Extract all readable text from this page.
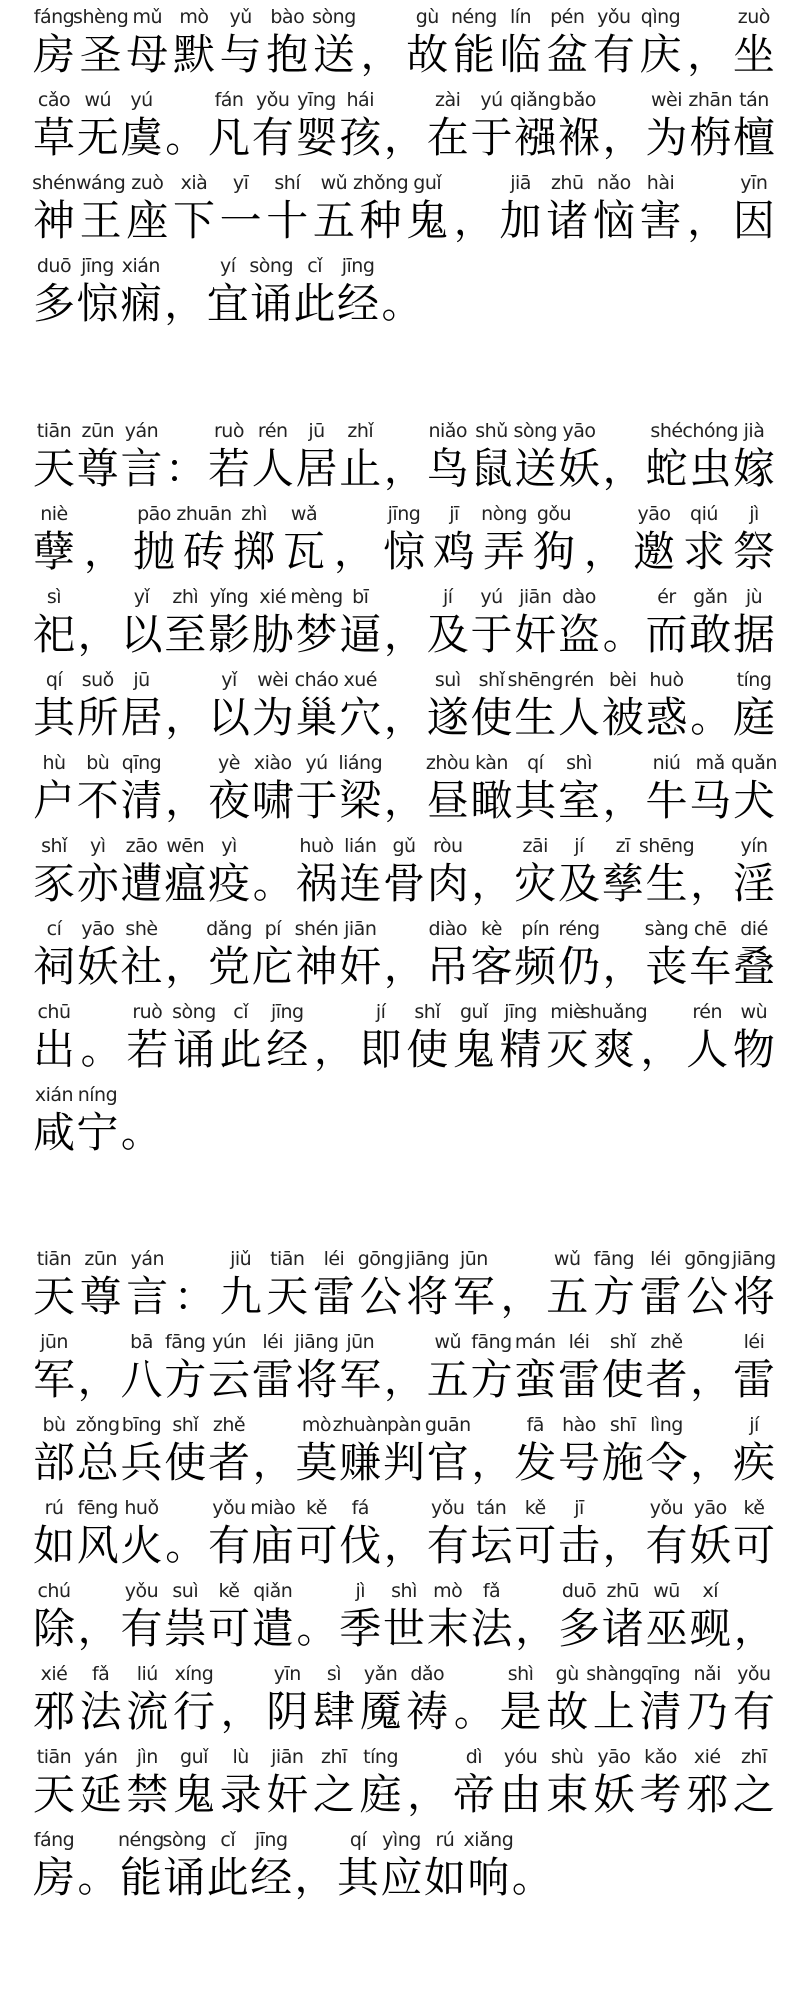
fáng
房
shèng
圣
mǔ
母
mò
默
yǔ
与
bào
抱
sòng
送 ，
gù
故
néng
能
lín
临
pén
盆
yǒu
有
qìng
庆 ，
zuò
坐
cǎo
草
wú
无
yú
虞 。
fán
凡
yǒu
有
yīng
婴
hái
孩 ，
zài
在
yú
于
qiǎng
襁
bǎo
褓 ，
wèi
为
zhān
栴
tán
檀
shén
神
wáng
王
zuò
座
xià
下
yī
一
shí
十
wǔ
五
zhǒng
种
guǐ
鬼 ，
jiā
加
zhū
诸
nǎo
恼
hài
害 ，
yīn
因
duō
多
jīng
惊
xián
痫 ，
yí
宜
sòng
诵
cǐ
此
jīng
经 。
tiān
天
zūn
尊
yán
言 ：
ruò
若
rén
人
jū
居
zhǐ
止 ，
niǎo
鸟
shǔ
鼠
sòng
送
yāo
妖 ，
shé
蛇
chóng
虫
jià
嫁
niè
孽 ，
pāo
抛
zhuān
砖
zhì
掷
wǎ
瓦 ，
jīng
惊
jī
鸡
nòng
弄
gǒu
狗 ，
yāo
邀
qiú
求
jì
祭
sì
祀 ，
yǐ
以
zhì
至
yǐng
影
xié
胁
mèng
梦
bī
逼 ，
jí
及
yú
于
jiān
奸
dào
盗 。
ér
而
gǎn
敢
jù
据
qí
其
suǒ
所
jū
居 ，
yǐ
以
wèi
为
cháo
巢
xué
穴 ，
suì
遂
shǐ
使
shēng
生
rén
人
bèi
被
huò
惑 。
tíng
庭
hù
户
bù
不
qīng
清 ，
yè
夜
xiào
啸
yú
于
liáng
梁 ，
zhòu
昼
kàn
瞰
qí
其
shì
室 ，
niú
牛
mǎ
马
quǎn
犬
shǐ
豕
yì
亦
zāo
遭
wēn
瘟
yì
疫 。
huò
祸
lián
连
gǔ
骨
ròu
肉 ，
zāi
灾
jí
及
zī
孳
shēng
生 ，
yín
淫
cí
祠
yāo
妖
shè
社 ，
dǎng
党
pí
庀
shén
神
jiān
奸 ，
diào
吊
kè
客
pín
频
réng
仍 ，
sàng
丧
chē
车
dié
叠
chū
出 。
ruò
若
sòng
诵
cǐ
此
jīng
经 ，
jí
即
shǐ
使
guǐ
鬼
jīng
精
miè
灭
shuǎng
爽 ，
rén
人
wù
物
xián
咸
níng
宁 。
tiān
天
zūn
尊
yán
言 ：
jiǔ
九
tiān
天
léi
雷
gōng
公
jiāng
将
jūn
军 ，
wǔ
五
fāng
方
léi
雷
gōng
公
jiāng
将
jūn
军 ，
bā
八
fāng
方
yún
云
léi
雷
jiāng
将
jūn
军 ，
wǔ
五
fāng
方
mán
蛮
léi
雷
shǐ
使
zhě
者 ，
léi
雷
bù
部
zǒng
总
bīng
兵
shǐ
使
zhě
者 ，
mò
莫
zhuàn
赚
pàn
判
guān
官 ，
fā
发
hào
号
shī
施
lìng
令 ，
jí
疾
rú
如
fēng
风
huǒ
火 。
yǒu
有
miào
庙
kě
可
fá
伐 ，
yǒu
有
tán
坛
kě
可
jī
击 ，
yǒu
有
yāo
妖
kě
可
chú
除 ，
yǒu
有
suì
祟
kě
可
qiǎn
遣 。
jì
季
shì
世
mò
末
fǎ
法 ，
duō
多
zhū
诸
wū
巫
xí
觋 ，
xié
邪
fǎ
法
liú
流
xíng
行 ，
yīn
阴
sì
肆
yǎn
魇
dǎo
祷 。
shì
是
gù
故
shàng
上
qīng
清
nǎi
乃
yǒu
有
tiān
天
yán
延
jìn
禁
guǐ
鬼
lù
录
jiān
奸
zhī
之
tíng
庭 ，
dì
帝
yóu
由
shù
束
yāo
妖
kǎo
考
xié
邪
zhī
之
fáng
房 。
néng
能
sòng
诵
cǐ
此
jīng
经 ，
qí
其
yìng
应
rú
如
xiǎng
响 。
